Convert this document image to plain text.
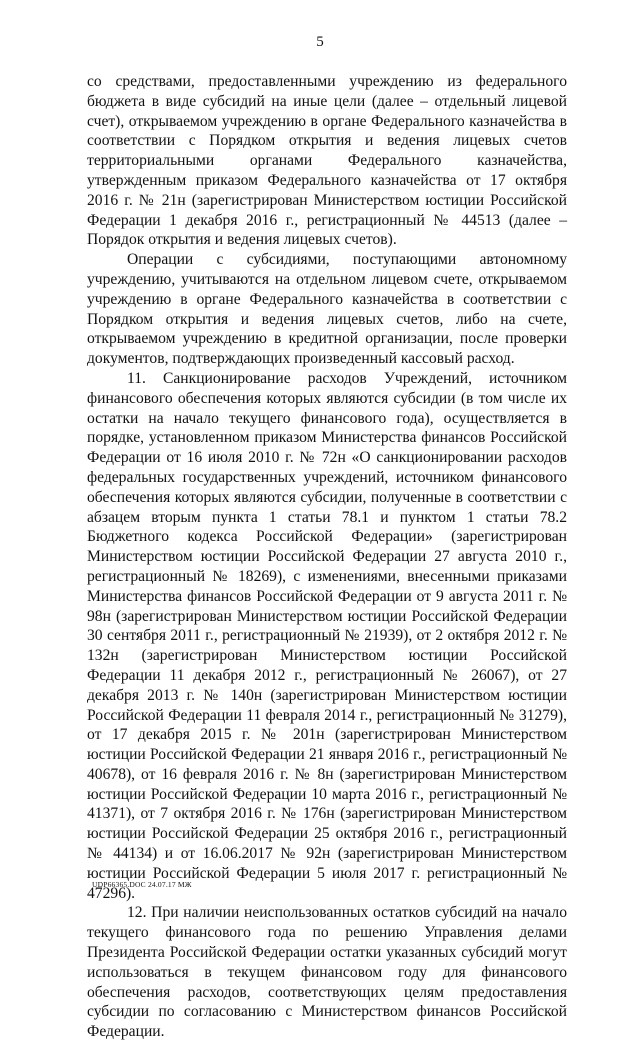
5

со средствами, предоставленными учреждению из федерального бюджета в виде субсидий на иные цели (далее – отдельный лицевой счет), открываемом учреждению в органе Федерального казначейства в соответствии с Порядком открытия и ведения лицевых счетов территориальными органами Федерального казначейства, утвержденным приказом Федерального казначейства от 17 октября 2016 г. № 21н (зарегистрирован Министерством юстиции Российской Федерации 1 декабря 2016 г., регистрационный № 44513 (далее – Порядок открытия и ведения лицевых счетов).

Операции с субсидиями, поступающими автономному учреждению, учитываются на отдельном лицевом счете, открываемом учреждению в органе Федерального казначейства в соответствии с Порядком открытия и ведения лицевых счетов, либо на счете, открываемом учреждению в кредитной организации, после проверки документов, подтверждающих произведенный кассовый расход.

11. Санкционирование расходов Учреждений, источником финансового обеспечения которых являются субсидии (в том числе их остатки на начало текущего финансового года), осуществляется в порядке, установленном приказом Министерства финансов Российской Федерации от 16 июля 2010 г. № 72н «О санкционировании расходов федеральных государственных учреждений, источником финансового обеспечения которых являются субсидии, полученные в соответствии с абзацем вторым пункта 1 статьи 78.1 и пунктом 1 статьи 78.2 Бюджетного кодекса Российской Федерации» (зарегистрирован Министерством юстиции Российской Федерации 27 августа 2010 г., регистрационный № 18269), с изменениями, внесенными приказами Министерства финансов Российской Федерации от 9 августа 2011 г. № 98н (зарегистрирован Министерством юстиции Российской Федерации 30 сентября 2011 г., регистрационный № 21939), от 2 октября 2012 г. № 132н (зарегистрирован Министерством юстиции Российской Федерации 11 декабря 2012 г., регистрационный № 26067), от 27 декабря 2013 г. № 140н (зарегистрирован Министерством юстиции Российской Федерации 11 февраля 2014 г., регистрационный № 31279), от 17 декабря 2015 г. № 201н (зарегистрирован Министерством юстиции Российской Федерации 21 января 2016 г., регистрационный № 40678), от 16 февраля 2016 г. № 8н (зарегистрирован Министерством юстиции Российской Федерации 10 марта 2016 г., регистрационный № 41371), от 7 октября 2016 г. № 176н (зарегистрирован Министерством юстиции Российской Федерации 25 октября 2016 г., регистрационный № 44134) и от 16.06.2017 № 92н (зарегистрирован Министерством юстиции Российской Федерации 5 июля 2017 г. регистрационный № 47296).

12. При наличии неиспользованных остатков субсидий на начало текущего финансового года по решению Управления делами Президента Российской Федерации остатки указанных субсидий могут использоваться в текущем финансовом году для финансового обеспечения расходов, соответствующих целям предоставления субсидии по согласованию с Министерством финансов Российской Федерации.

UDP66365.DOC 24.07.17 МЖ
